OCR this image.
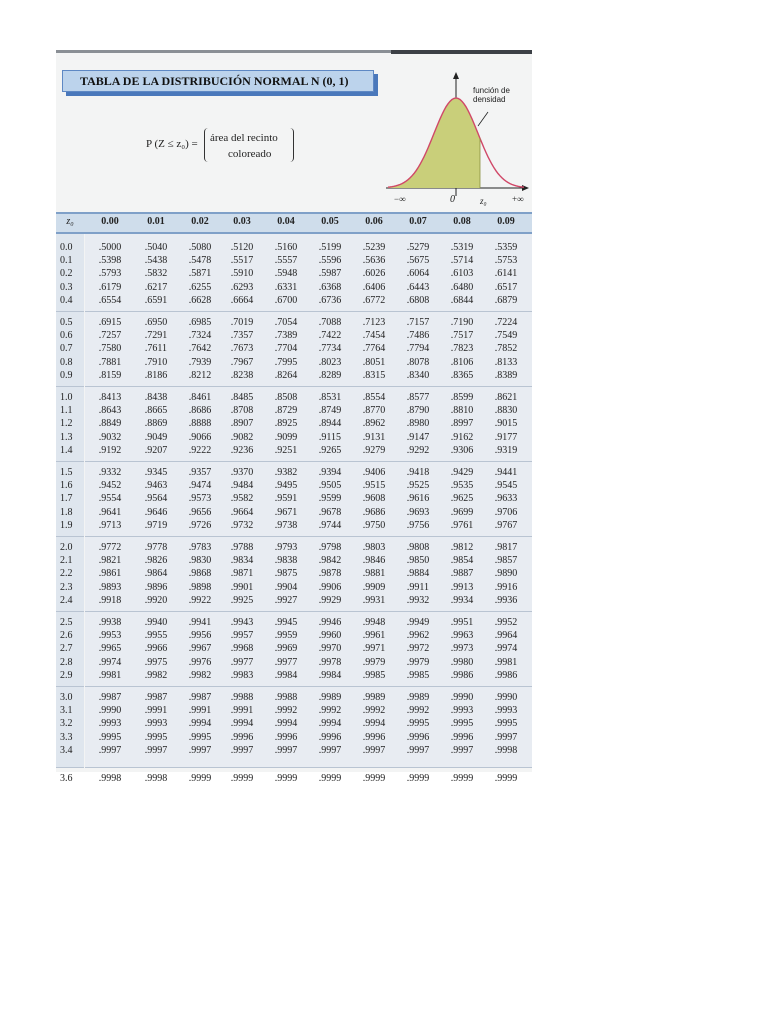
TABLA DE LA DISTRIBUCIÓN NORMAL N (0, 1)
P (Z ≤ z₀) = área del recinto
coloreado
−∞	0	z₀	+∞
función de
densidad
z₀	0.00	0.01	0.02	0.03	0.04	0.05	0.06	0.07	0.08	0.09
0.0	.5000	.5040	.5080	.5120	.5160	.5199	.5239	.5279	.5319	.5359
0.1	.5398	.5438	.5478	.5517	.5557	.5596	.5636	.5675	.5714	.5753
0.2	.5793	.5832	.5871	.5910	.5948	.5987	.6026	.6064	.6103	.6141
0.3	.6179	.6217	.6255	.6293	.6331	.6368	.6406	.6443	.6480	.6517
0.4	.6554	.6591	.6628	.6664	.6700	.6736	.6772	.6808	.6844	.6879
0.5	.6915	.6950	.6985	.7019	.7054	.7088	.7123	.7157	.7190	.7224
0.6	.7257	.7291	.7324	.7357	.7389	.7422	.7454	.7486	.7517	.7549
0.7	.7580	.7611	.7642	.7673	.7704	.7734	.7764	.7794	.7823	.7852
0.8	.7881	.7910	.7939	.7967	.7995	.8023	.8051	.8078	.8106	.8133
0.9	.8159	.8186	.8212	.8238	.8264	.8289	.8315	.8340	.8365	.8389
1.0	.8413	.8438	.8461	.8485	.8508	.8531	.8554	.8577	.8599	.8621
1.1	.8643	.8665	.8686	.8708	.8729	.8749	.8770	.8790	.8810	.8830
1.2	.8849	.8869	.8888	.8907	.8925	.8944	.8962	.8980	.8997	.9015
1.3	.9032	.9049	.9066	.9082	.9099	.9115	.9131	.9147	.9162	.9177
1.4	.9192	.9207	.9222	.9236	.9251	.9265	.9279	.9292	.9306	.9319
1.5	.9332	.9345	.9357	.9370	.9382	.9394	.9406	.9418	.9429	.9441
1.6	.9452	.9463	.9474	.9484	.9495	.9505	.9515	.9525	.9535	.9545
1.7	.9554	.9564	.9573	.9582	.9591	.9599	.9608	.9616	.9625	.9633
1.8	.9641	.9646	.9656	.9664	.9671	.9678	.9686	.9693	.9699	.9706
1.9	.9713	.9719	.9726	.9732	.9738	.9744	.9750	.9756	.9761	.9767
2.0	.9772	.9778	.9783	.9788	.9793	.9798	.9803	.9808	.9812	.9817
2.1	.9821	.9826	.9830	.9834	.9838	.9842	.9846	.9850	.9854	.9857
2.2	.9861	.9864	.9868	.9871	.9875	.9878	.9881	.9884	.9887	.9890
2.3	.9893	.9896	.9898	.9901	.9904	.9906	.9909	.9911	.9913	.9916
2.4	.9918	.9920	.9922	.9925	.9927	.9929	.9931	.9932	.9934	.9936
2.5	.9938	.9940	.9941	.9943	.9945	.9946	.9948	.9949	.9951	.9952
2.6	.9953	.9955	.9956	.9957	.9959	.9960	.9961	.9962	.9963	.9964
2.7	.9965	.9966	.9967	.9968	.9969	.9970	.9971	.9972	.9973	.9974
2.8	.9974	.9975	.9976	.9977	.9977	.9978	.9979	.9979	.9980	.9981
2.9	.9981	.9982	.9982	.9983	.9984	.9984	.9985	.9985	.9986	.9986
3.0	.9987	.9987	.9987	.9988	.9988	.9989	.9989	.9989	.9990	.9990
3.1	.9990	.9991	.9991	.9991	.9992	.9992	.9992	.9992	.9993	.9993
3.2	.9993	.9993	.9994	.9994	.9994	.9994	.9994	.9995	.9995	.9995
3.3	.9995	.9995	.9995	.9996	.9996	.9996	.9996	.9996	.9996	.9997
3.4	.9997	.9997	.9997	.9997	.9997	.9997	.9997	.9997	.9997	.9998
3.6	.9998	.9998	.9999	.9999	.9999	.9999	.9999	.9999	.9999	.9999
